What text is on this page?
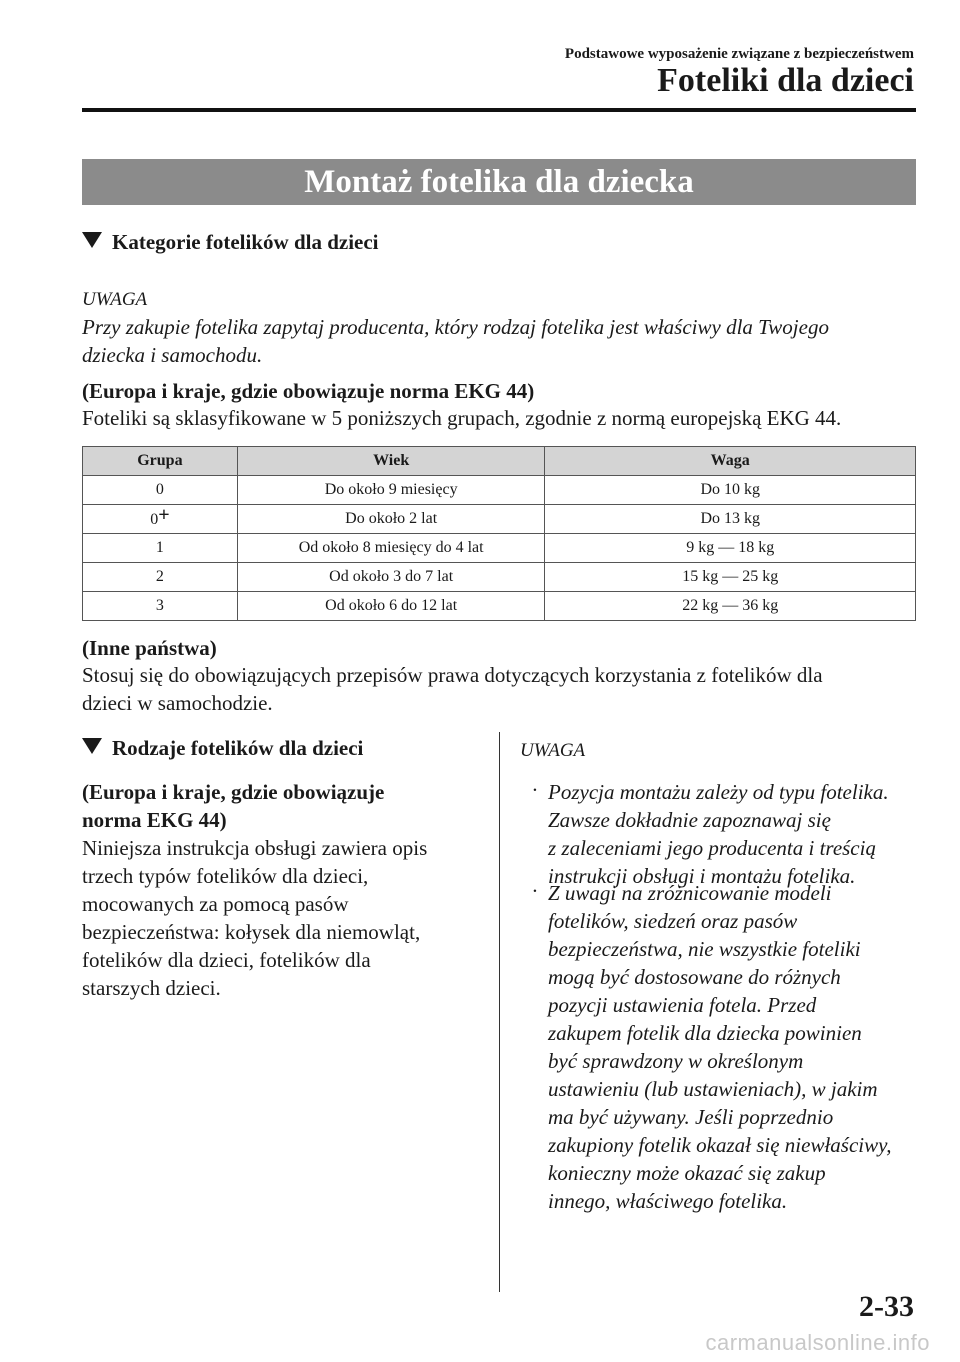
Podstawowe wyposażenie związane z bezpieczeństwem
Foteliki dla dzieci
Montaż fotelika dla dziecka
Kategorie fotelików dla dzieci
UWAGA
Przy zakupie fotelika zapytaj producenta, który rodzaj fotelika jest właściwy dla Twojego
dziecka i samochodu.
(Europa i kraje, gdzie obowiązuje norma EKG 44)
Foteliki są sklasyfikowane w 5 poniższych grupach, zgodnie z normą europejską EKG 44.
Grupa	Wiek	Waga
0	Do około 9 miesięcy	Do 10 kg
0+	Do około 2 lat	Do 13 kg
1	Od około 8 miesięcy do 4 lat	9 kg — 18 kg
2	Od około 3 do 7 lat	15 kg — 25 kg
3	Od około 6 do 12 lat	22 kg — 36 kg
(Inne państwa)
Stosuj się do obowiązujących przepisów prawa dotyczących korzystania z fotelików dla
dzieci w samochodzie.
Rodzaje fotelików dla dzieci
(Europa i kraje, gdzie obowiązuje
norma EKG 44)
Niniejsza instrukcja obsługi zawiera opis
trzech typów fotelików dla dzieci,
mocowanych za pomocą pasów
bezpieczeństwa: kołysek dla niemowląt,
fotelików dla dzieci, fotelików dla
starszych dzieci.
UWAGA
· Pozycja montażu zależy od typu fotelika.
Zawsze dokładnie zapoznawaj się
z zaleceniami jego producenta i treścią
instrukcji obsługi i montażu fotelika.
· Z uwagi na zróżnicowanie modeli
fotelików, siedzeń oraz pasów
bezpieczeństwa, nie wszystkie foteliki
mogą być dostosowane do różnych
pozycji ustawienia fotela. Przed
zakupem fotelik dla dziecka powinien
być sprawdzony w określonym
ustawieniu (lub ustawieniach), w jakim
ma być używany. Jeśli poprzednio
zakupiony fotelik okazał się niewłaściwy,
konieczny może okazać się zakup
innego, właściwego fotelika.
2-33
carmanualsonline.info
